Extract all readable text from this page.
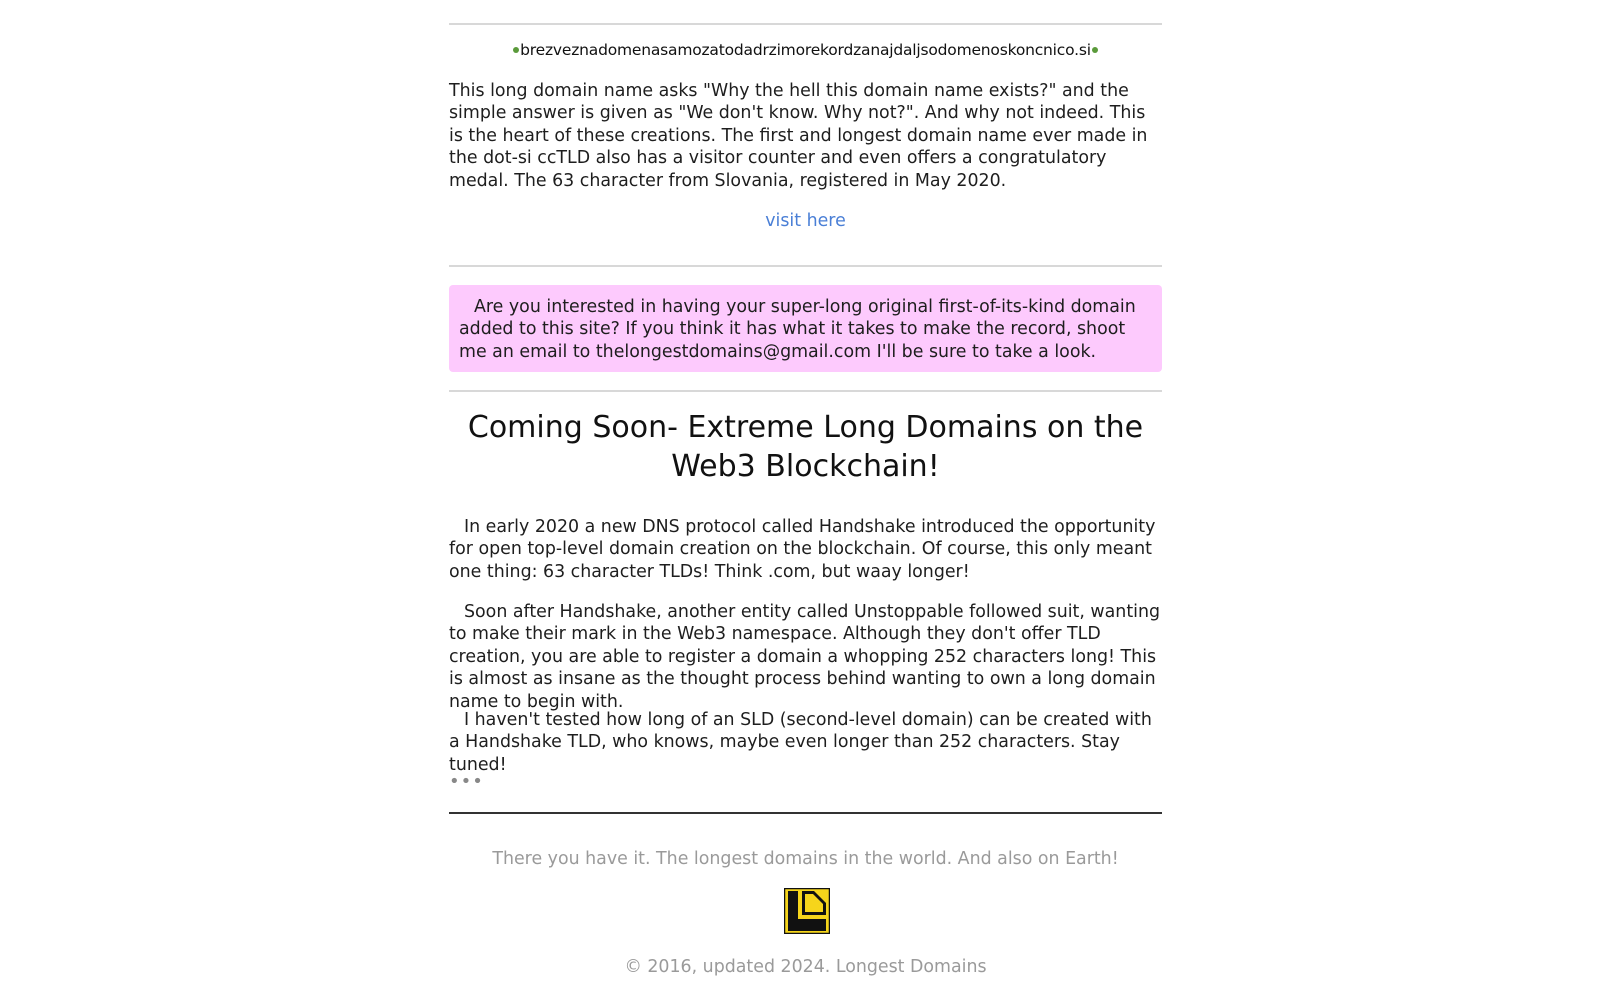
brezveznadomenasamozatodadrzimorekordzanajdaljsodomenoskoncnico.si

This long domain name asks "Why the hell this domain name exists?" and the simple answer is given as "We don't know. Why not?". And why not indeed. This is the heart of these creations. The first and longest domain name ever made in the dot-si ccTLD also has a visitor counter and even offers a congratulatory medal. The 63 character from Slovania, registered in May 2020.

visit here
Are you interested in having your super-long original first-of-its-kind domain added to this site? If you think it has what it takes to make the record, shoot me an email to thelongestdomains@gmail.com I'll be sure to take a look.
Coming Soon- Extreme Long Domains on the Web3 Blockchain!

In early 2020 a new DNS protocol called Handshake introduced the opportunity for open top-level domain creation on the blockchain. Of course, this only meant one thing: 63 character TLDs! Think .com, but waay longer!

Soon after Handshake, another entity called Unstoppable followed suit, wanting to make their mark in the Web3 namespace. Although they don't offer TLD creation, you are able to register a domain a whopping 252 characters long! This is almost as insane as the thought process behind wanting to own a long domain name to begin with.

I haven't tested how long of an SLD (second-level domain) can be created with a Handshake TLD, who knows, maybe even longer than 252 characters. Stay tuned!

•••
There you have it. The longest domains in the world. And also on Earth!
© 2016, updated 2024. Longest Domains
